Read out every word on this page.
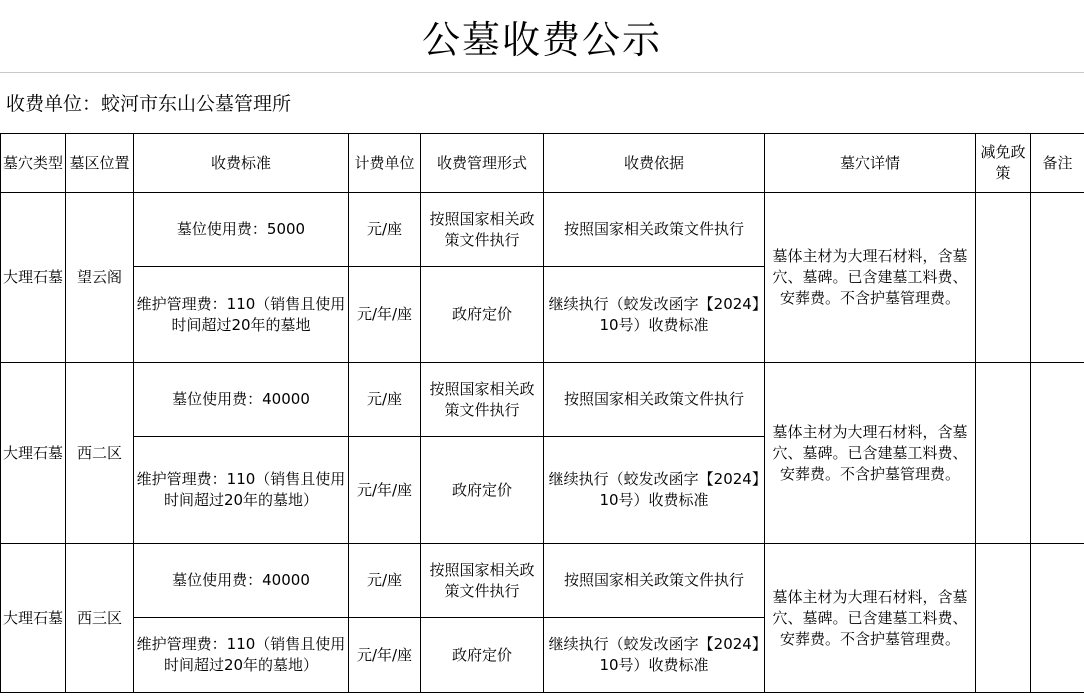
公墓收费公示
收费单位：蛟河市东山公墓管理所
墓穴类型	墓区位置	收费标准	计费单位	收费管理形式	收费依据	墓穴详情	减免政策	备注
大理石墓	望云阁	墓位使用费：5000	元/座	按照国家相关政策文件执行	按照国家相关政策文件执行	墓体主材为大理石材料，含墓穴、墓碑。已含建墓工料费、安葬费。不含护墓管理费。		
		维护管理费：110（销售且使用时间超过20年的墓地	元/年/座	政府定价	继续执行（蛟发改函字【2024】10号）收费标准			
大理石墓	西二区	墓位使用费：40000	元/座	按照国家相关政策文件执行	按照国家相关政策文件执行	墓体主材为大理石材料，含墓穴、墓碑。已含建墓工料费、安葬费。不含护墓管理费。		
		维护管理费：110（销售且使用时间超过20年的墓地）	元/年/座	政府定价	继续执行（蛟发改函字【2024】10号）收费标准			
大理石墓	西三区	墓位使用费：40000	元/座	按照国家相关政策文件执行	按照国家相关政策文件执行	墓体主材为大理石材料，含墓穴、墓碑。已含建墓工料费、安葬费。不含护墓管理费。		
		维护管理费：110（销售且使用时间超过20年的墓地）	元/年/座	政府定价	继续执行（蛟发改函字【2024】10号）收费标准			
